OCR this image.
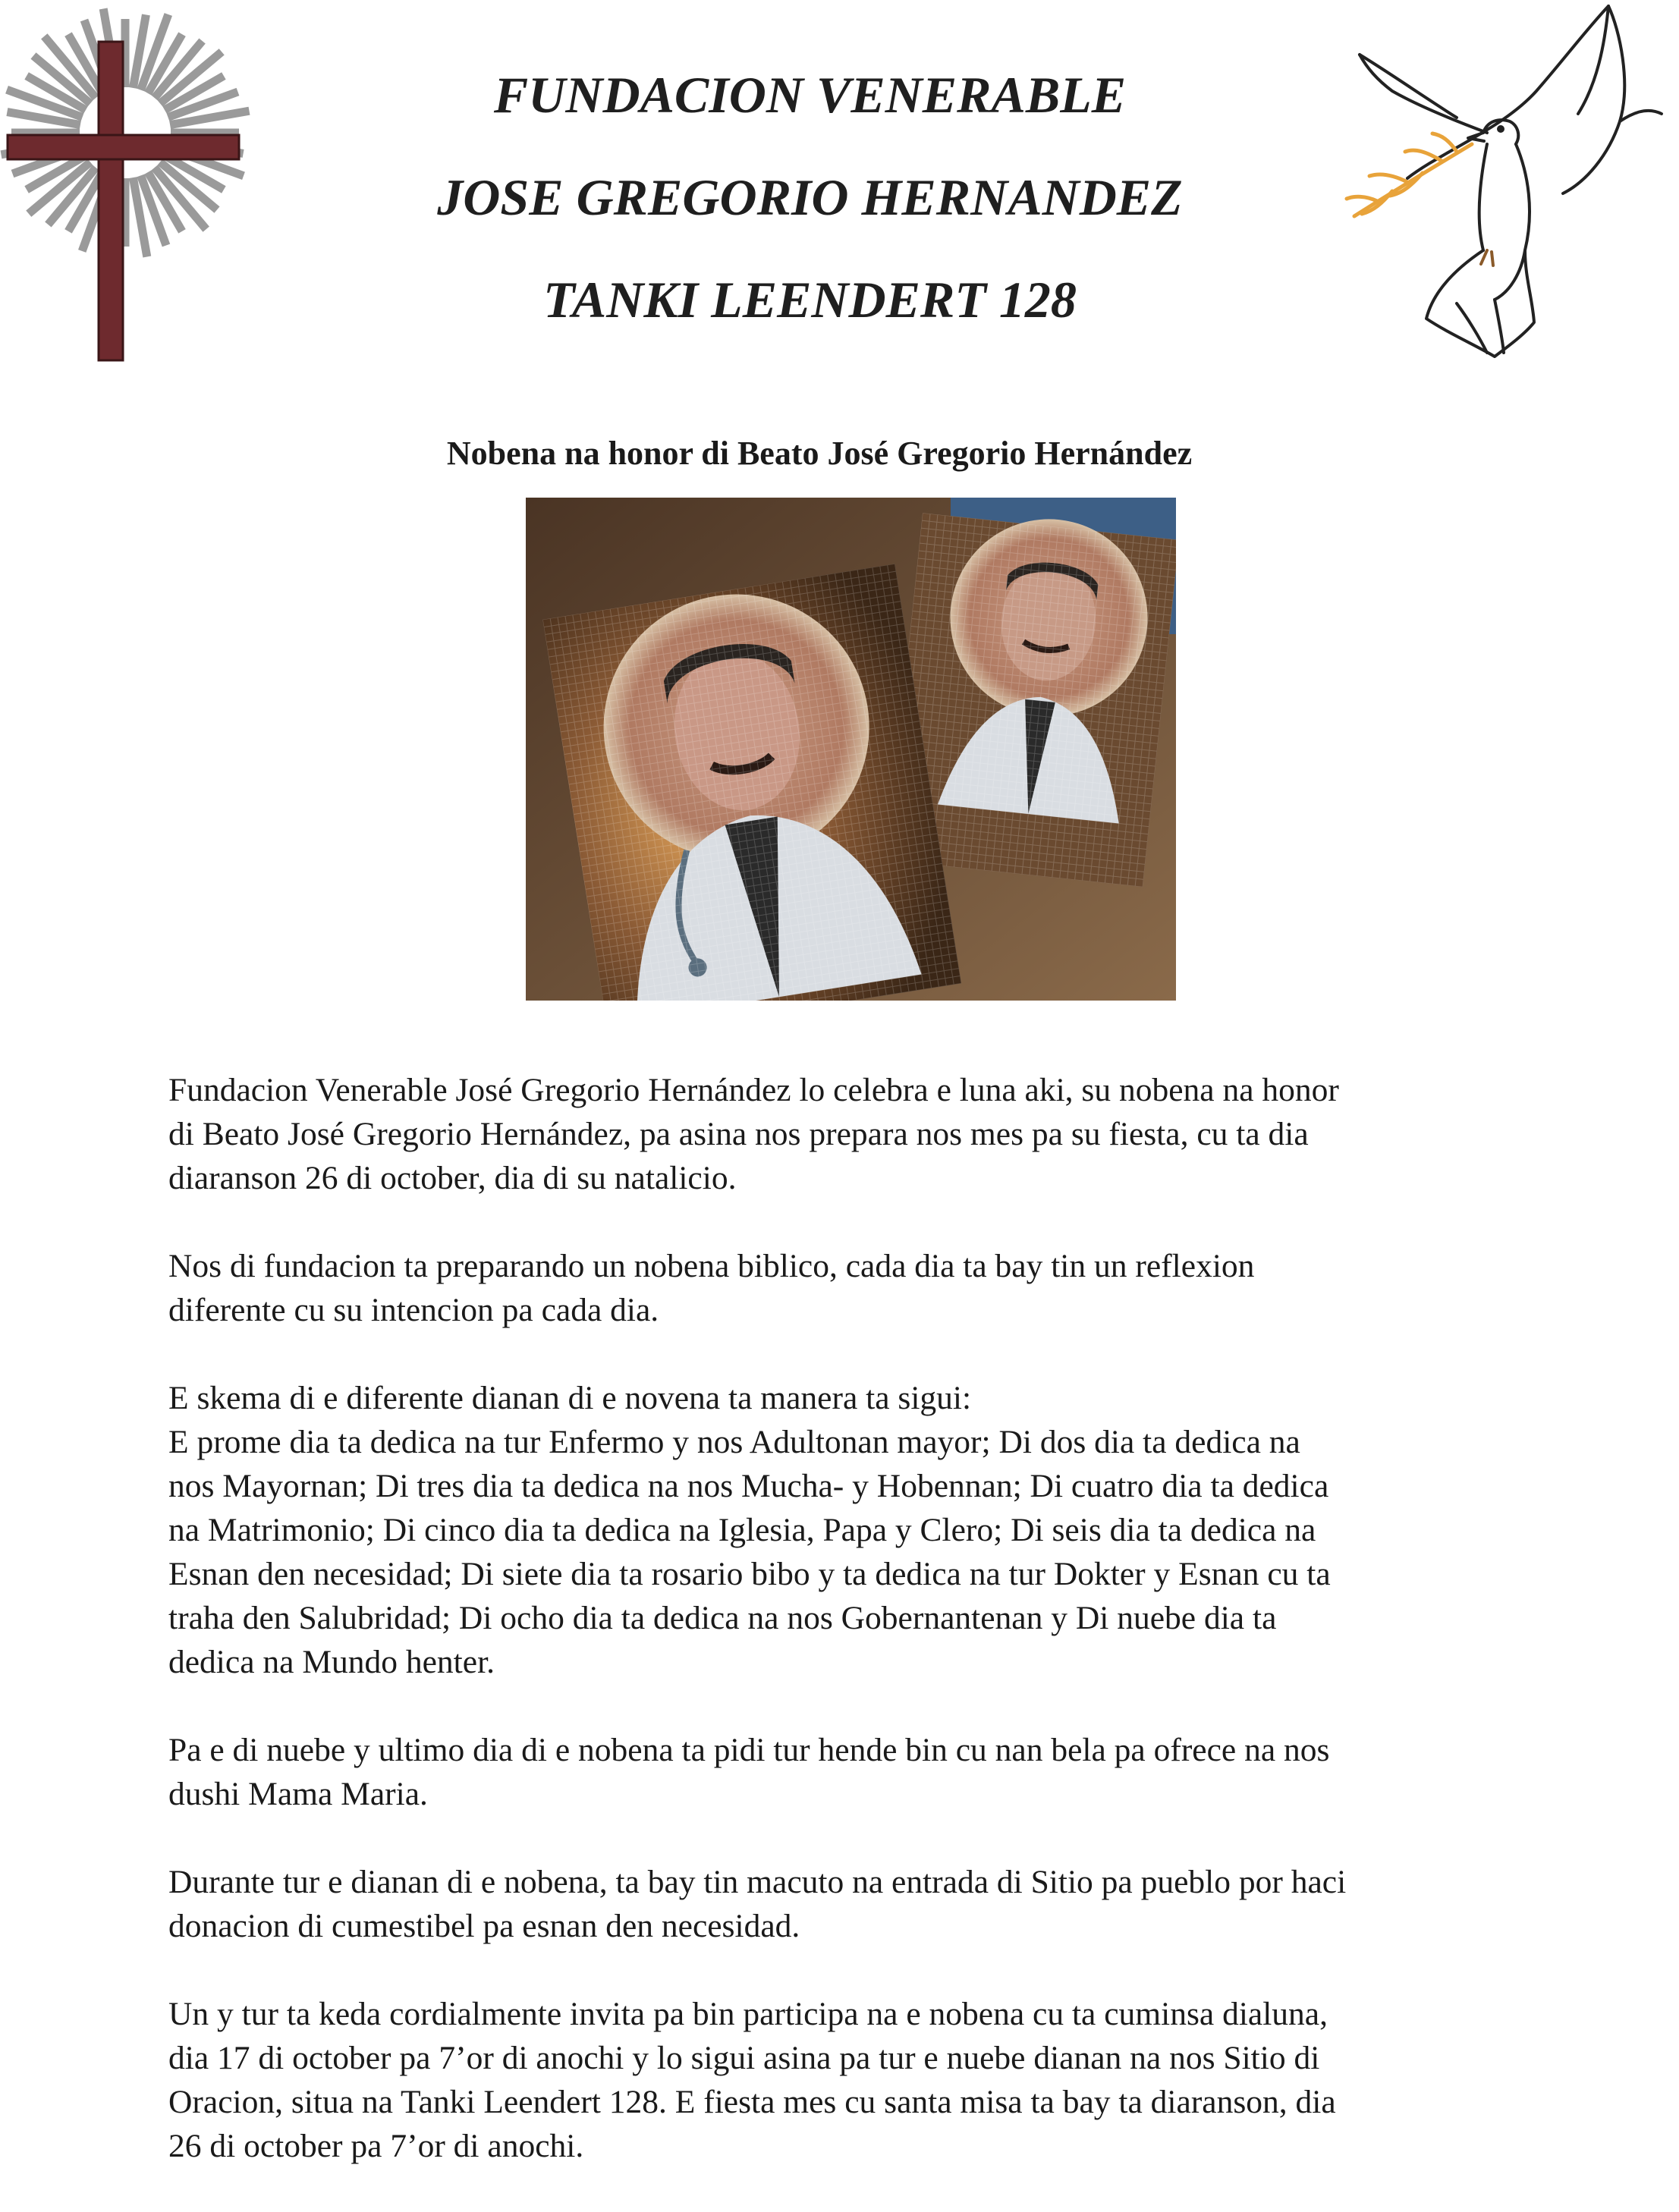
FUNDACION VENERABLE
JOSE GREGORIO HERNANDEZ
TANKI LEENDERT 128
Nobena na honor di Beato José Gregorio Hernández

Fundacion Venerable José Gregorio Hernández lo celebra e luna aki, su nobena na honor
di Beato José Gregorio Hernández, pa asina nos prepara nos mes pa su fiesta, cu ta dia
diaranson 26 di october, dia di su natalicio.

Nos di fundacion ta preparando un nobena biblico, cada dia ta bay tin un reflexion
diferente cu su intencion pa cada dia.

E skema di e diferente dianan di e novena ta manera ta sigui:
E prome dia ta dedica na tur Enfermo y nos Adultonan mayor; Di dos dia ta dedica na
nos Mayornan; Di tres dia ta dedica na nos Mucha- y Hobennan; Di cuatro dia ta dedica
na Matrimonio; Di cinco dia ta dedica na Iglesia, Papa y Clero; Di seis dia ta dedica na
Esnan den necesidad; Di siete dia ta rosario bibo y ta dedica na tur Dokter y Esnan cu ta
traha den Salubridad; Di ocho dia ta dedica na nos Gobernantenan y Di nuebe dia ta
dedica na Mundo henter.

Pa e di nuebe y ultimo dia di e nobena ta pidi tur hende bin cu nan bela pa ofrece na nos
dushi Mama Maria.

Durante tur e dianan di e nobena, ta bay tin macuto na entrada di Sitio pa pueblo por haci
donacion di cumestibel pa esnan den necesidad.

Un y tur ta keda cordialmente invita pa bin participa na e nobena cu ta cuminsa dialuna,
dia 17 di october pa 7’or di anochi y lo sigui asina pa tur e nuebe dianan na nos Sitio di
Oracion, situa na Tanki Leendert 128. E fiesta mes cu santa misa ta bay ta diaranson, dia
26 di october pa 7’or di anochi.
